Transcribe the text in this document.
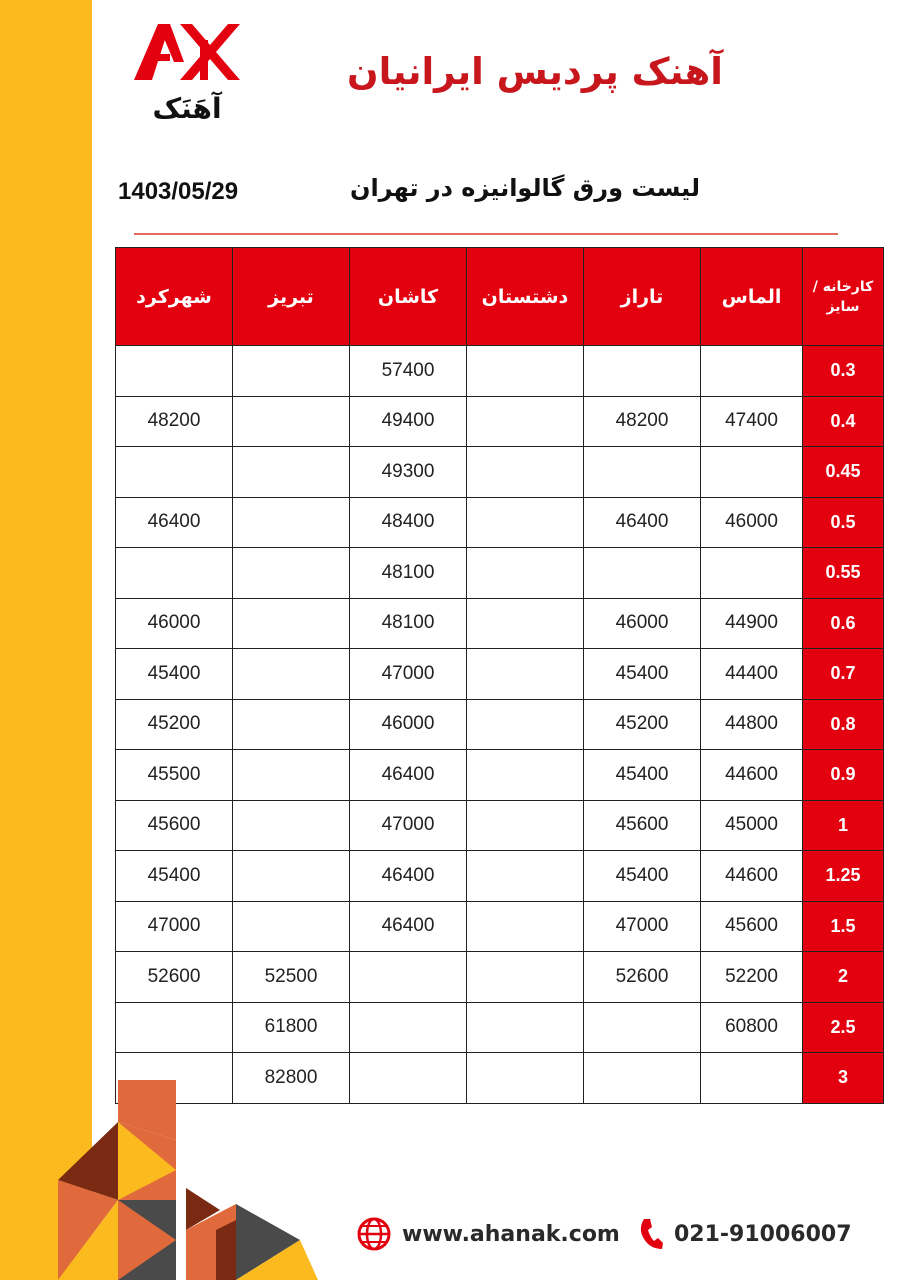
آهَنَک
آهنک پردیس ایرانیان
لیست ورق گالوانیزه در تهران
1403/05/29
شهرکرد	تبریز	کاشان	دشتستان	تاراز	الماس	کارخانه /
سایز

		57400				0.3
48200		49400		48200	47400	0.4
		49300				0.45
46400		48400		46400	46000	0.5
		48100				0.55
46000		48100		46000	44900	0.6
45400		47000		45400	44400	0.7
45200		46000		45200	44800	0.8
45500		46400		45400	44600	0.9
45600		47000		45600	45000	1
45400		46400		45400	44600	1.25
47000		46400		47000	45600	1.5
52600	52500			52600	52200	2
	61800				60800	2.5
	82800					3
www.ahanak.com 021-91006007
